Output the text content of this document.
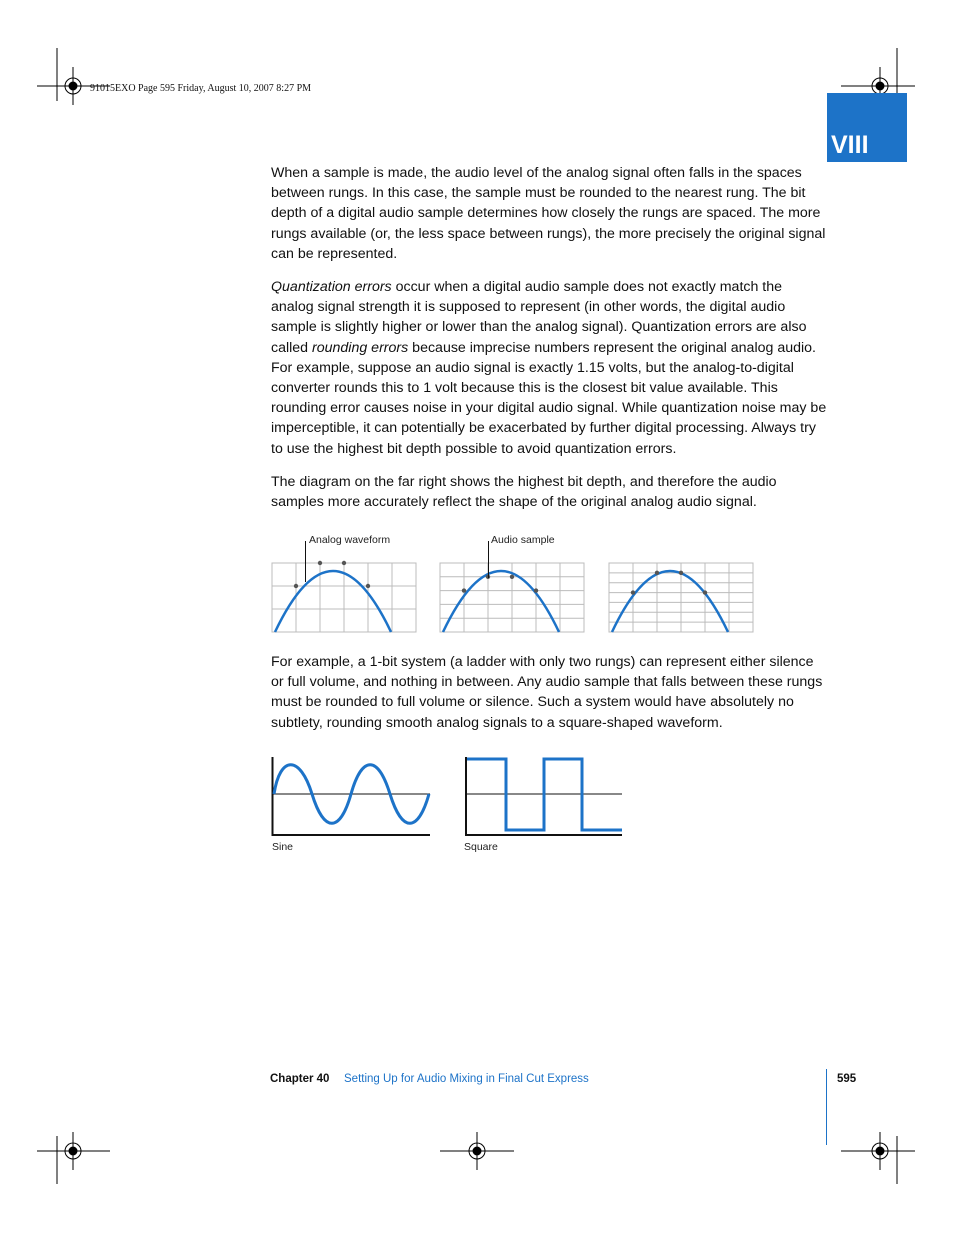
91015EXO Page 595 Friday, August 10, 2007 8:27 PM
VIII

When a sample is made, the audio level of the analog signal often falls in the spaces between rungs. In this case, the sample must be rounded to the nearest rung. The bit depth of a digital audio sample determines how closely the rungs are spaced. The more rungs available (or, the less space between rungs), the more precisely the original signal can be represented.

Quantization errors occur when a digital audio sample does not exactly match the analog signal strength it is supposed to represent (in other words, the digital audio sample is slightly higher or lower than the analog signal). Quantization errors are also called rounding errors because imprecise numbers represent the original analog audio. For example, suppose an audio signal is exactly 1.15 volts, but the analog-to-digital converter rounds this to 1 volt because this is the closest bit value available. This rounding error causes noise in your digital audio signal. While quantization noise may be imperceptible, it can potentially be exacerbated by further digital processing. Always try to use the highest bit depth possible to avoid quantization errors.

The diagram on the far right shows the highest bit depth, and therefore the audio samples more accurately reflect the shape of the original analog audio signal.

Analog waveform	Audio sample

For example, a 1-bit system (a ladder with only two rungs) can represent either silence or full volume, and nothing in between. Any audio sample that falls between these rungs must be rounded to full volume or silence. Such a system would have absolutely no subtlety, rounding smooth analog signals to a square-shaped waveform.

Sine	Square
Chapter 40 Setting Up for Audio Mixing in Final Cut Express	595
